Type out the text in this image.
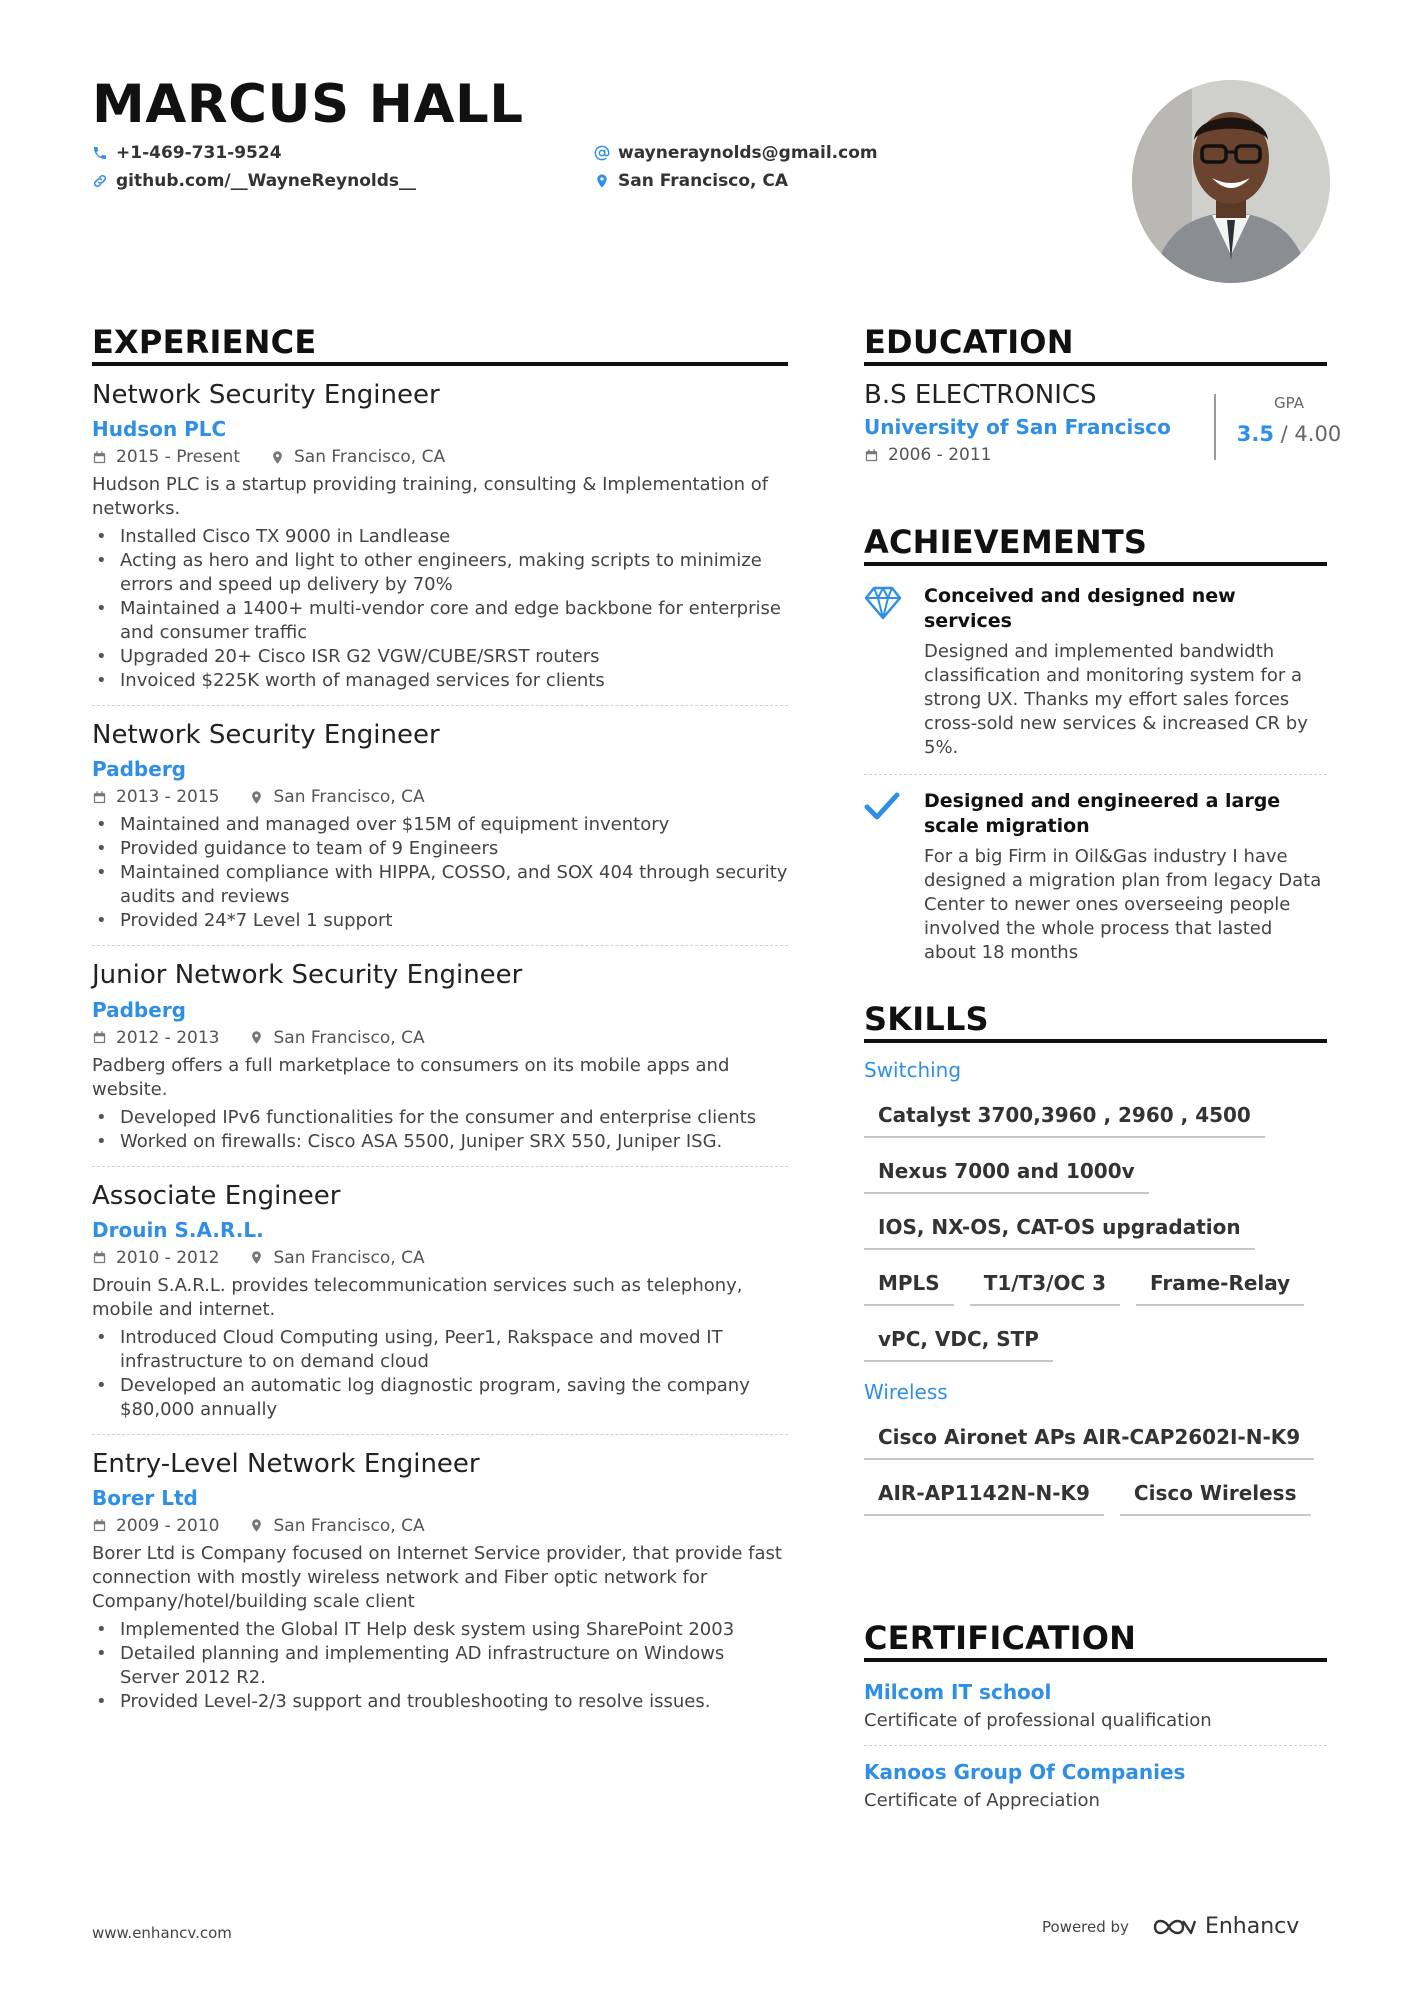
MARCUS HALL
+1-469-731-9524
github.com/__WayneReynolds__
wayneraynolds@gmail.com
San Francisco, CA
EXPERIENCE
Network Security Engineer
Hudson PLC
2015 - Present	San Francisco, CA

Hudson PLC is a startup providing training, consulting & Implementation of networks.

• Installed Cisco TX 9000 in Landlease
• Acting as hero and light to other engineers, making scripts to minimize errors and speed up delivery by 70%
• Maintained a 1400+ multi-vendor core and edge backbone for enterprise and consumer traffic
• Upgraded 20+ Cisco ISR G2 VGW/CUBE/SRST routers
• Invoiced $225K worth of managed services for clients
Network Security Engineer
Padberg
2013 - 2015	San Francisco, CA
• Maintained and managed over $15M of equipment inventory
• Provided guidance to team of 9 Engineers
• Maintained compliance with HIPPA, COSSO, and SOX 404 through security audits and reviews
• Provided 24*7 Level 1 support
Junior Network Security Engineer
Padberg
2012 - 2013	San Francisco, CA

Padberg offers a full marketplace to consumers on its mobile apps and website.

• Developed IPv6 functionalities for the consumer and enterprise clients
• Worked on firewalls: Cisco ASA 5500, Juniper SRX 550, Juniper ISG.
Associate Engineer
Drouin S.A.R.L.
2010 - 2012	San Francisco, CA

Drouin S.A.R.L. provides telecommunication services such as telephony, mobile and internet.

• Introduced Cloud Computing using, Peer1, Rakspace and moved IT infrastructure to on demand cloud
• Developed an automatic log diagnostic program, saving the company $80,000 annually
Entry-Level Network Engineer
Borer Ltd
2009 - 2010	San Francisco, CA

Borer Ltd is Company focused on Internet Service provider, that provide fast connection with mostly wireless network and Fiber optic network for Company/hotel/building scale client

• Implemented the Global IT Help desk system using SharePoint 2003
• Detailed planning and implementing AD infrastructure on Windows Server 2012 R2.
• Provided Level-2/3 support and troubleshooting to resolve issues.
EDUCATION
B.S ELECTRONICS
University of San Francisco
2006 - 2011
GPA
3.5 / 4.00
ACHIEVEMENTS
Conceived and designed new services
Designed and implemented bandwidth classification and monitoring system for a strong UX. Thanks my effort sales forces cross-sold new services & increased CR by 5%.
Designed and engineered a large scale migration
For a big Firm in Oil&Gas industry I have designed a migration plan from legacy Data Center to newer ones overseeing people involved the whole process that lasted about 18 months
SKILLS
Switching
Catalyst 3700,3960 , 2960 , 4500
Nexus 7000 and 1000v
IOS, NX-OS, CAT-OS upgradation
MPLS	T1/T3/OC 3	Frame-Relay
vPC, VDC, STP
Wireless
Cisco Aironet APs AIR-CAP2602I-N-K9
AIR-AP1142N-N-K9	Cisco Wireless
CERTIFICATION
Milcom IT school
Certificate of professional qualification
Kanoos Group Of Companies
Certificate of Appreciation
www.enhancv.com	Powered by	Enhancv
